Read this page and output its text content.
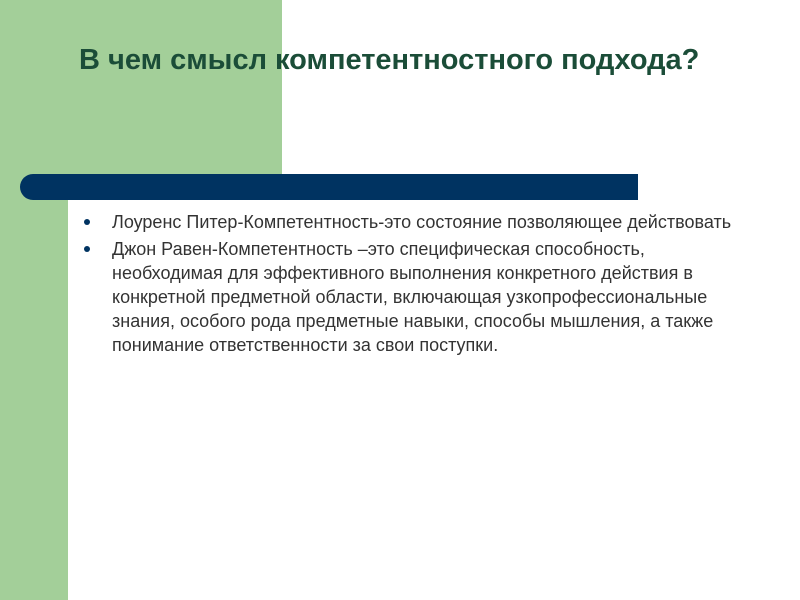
В чем смысл компетентностного подхода?
Лоуренс Питер-Компетентность-это состояние позволяющее действовать
Джон Равен-Компетентность –это специфическая способность, необходимая для эффективного выполнения конкретного действия в конкретной предметной области, включающая узкопрофессиональные знания, особого рода предметные навыки, способы мышления, а также понимание ответственности за свои поступки.
